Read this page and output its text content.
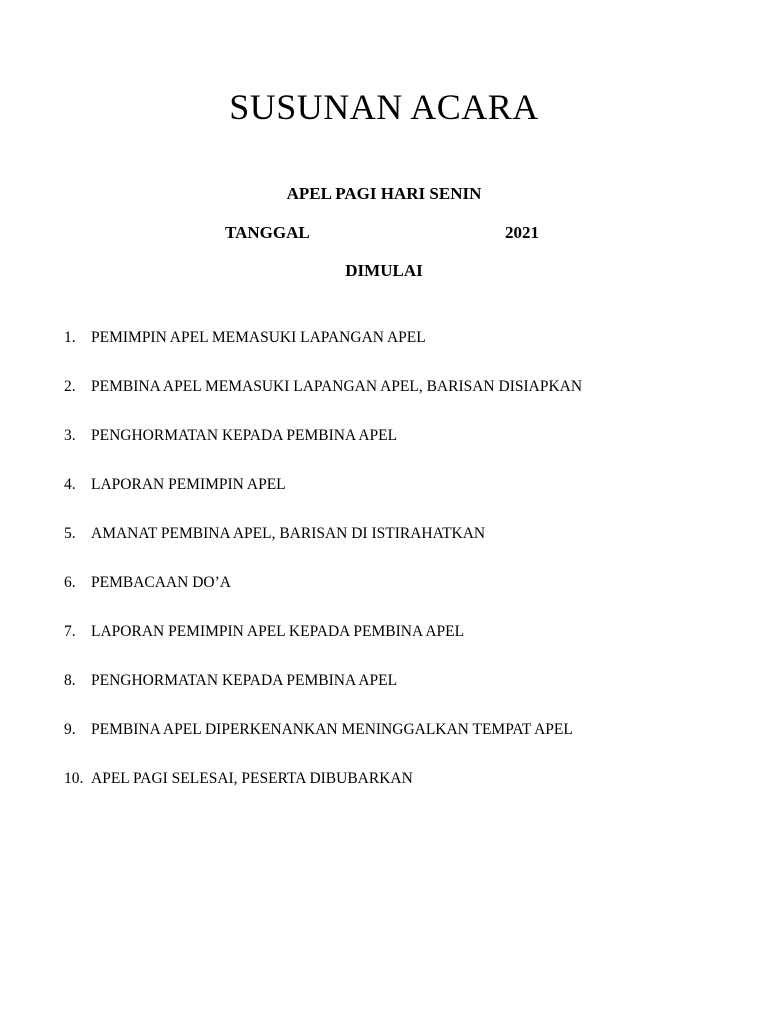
SUSUNAN ACARA

APEL PAGI HARI SENIN

TANGGAL	2021

DIMULAI

1. PEMIMPIN APEL MEMASUKI LAPANGAN APEL
2. PEMBINA APEL MEMASUKI LAPANGAN APEL, BARISAN DISIAPKAN
3. PENGHORMATAN KEPADA PEMBINA APEL
4. LAPORAN PEMIMPIN APEL
5. AMANAT PEMBINA APEL, BARISAN DI ISTIRAHATKAN
6. PEMBACAAN DO’A
7. LAPORAN PEMIMPIN APEL KEPADA PEMBINA APEL
8. PENGHORMATAN KEPADA PEMBINA APEL
9. PEMBINA APEL DIPERKENANKAN MENINGGALKAN TEMPAT APEL
10. APEL PAGI SELESAI, PESERTA DIBUBARKAN
